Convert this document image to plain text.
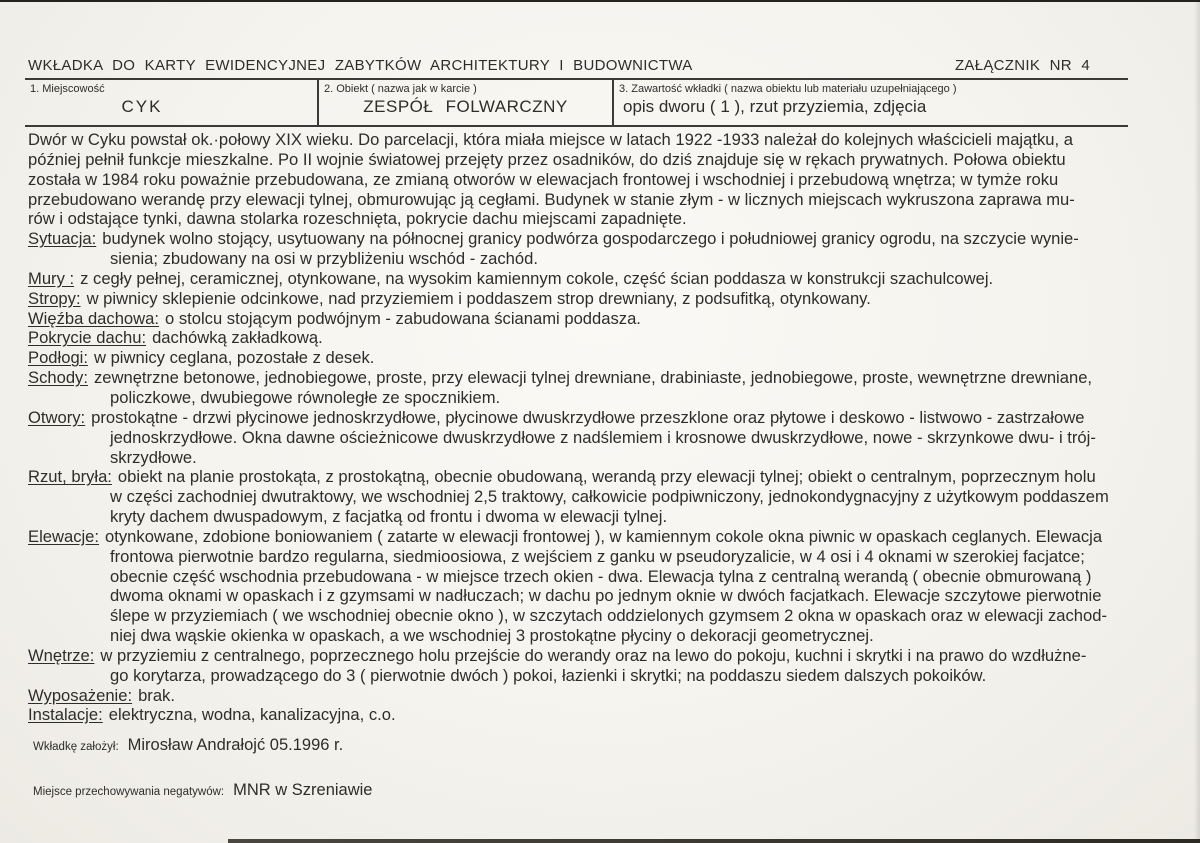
WKŁADKA DO KARTY EWIDENCYJNEJ ZABYTKÓW ARCHITEKTURY I BUDOWNICTWA	ZAŁĄCZNIK NR 4
1. Miejscowość
CYK
2. Obiekt ( nazwa jak w karcie )
ZESPÓŁ FOLWARCZNY
3. Zawartość wkładki ( nazwa obiektu lub materiału uzupełniającego )
opis dworu ( 1 ), rzut przyziemia, zdjęcia
Dwór w Cyku powstał ok.·połowy XIX wieku. Do parcelacji, która miała miejsce w latach 1922 -1933 należał do kolejnych właścicieli majątku, a
później pełnił funkcje mieszkalne. Po II wojnie światowej przejęty przez osadników, do dziś znajduje się w rękach prywatnych. Połowa obiektu
została w 1984 roku poważnie przebudowana, ze zmianą otworów w elewacjach frontowej i wschodniej i przebudową wnętrza; w tymże roku
przebudowano werandę przy elewacji tylnej, obmurowując ją cegłami. Budynek w stanie złym - w licznych miejscach wykruszona zaprawa mu-
rów i odstające tynki, dawna stolarka rozeschnięta, pokrycie dachu miejscami zapadnięte.
Sytuacja: budynek wolno stojący, usytuowany na północnej granicy podwórza gospodarczego i południowej granicy ogrodu, na szczycie wynie-
sienia; zbudowany na osi w przybliżeniu wschód - zachód.
Mury : z cegły pełnej, ceramicznej, otynkowane, na wysokim kamiennym cokole, część ścian poddasza w konstrukcji szachulcowej.
Stropy: w piwnicy sklepienie odcinkowe, nad przyziemiem i poddaszem strop drewniany, z podsufitką, otynkowany.
Więźba dachowa: o stolcu stojącym podwójnym - zabudowana ścianami poddasza.
Pokrycie dachu: dachówką zakładkową.
Podłogi: w piwnicy ceglana, pozostałe z desek.
Schody: zewnętrzne betonowe, jednobiegowe, proste, przy elewacji tylnej drewniane, drabiniaste, jednobiegowe, proste, wewnętrzne drewniane,
policzkowe, dwubiegowe równoległe ze spocznikiem.
Otwory: prostokątne - drzwi płycinowe jednoskrzydłowe, płycinowe dwuskrzydłowe przeszklone oraz płytowe i deskowo - listwowo - zastrzałowe
jednoskrzydłowe. Okna dawne ościeżnicowe dwuskrzydłowe z nadślemiem i krosnowe dwuskrzydłowe, nowe - skrzynkowe dwu- i trój-
skrzydłowe.
Rzut, bryła: obiekt na planie prostokąta, z prostokątną, obecnie obudowaną, werandą przy elewacji tylnej; obiekt o centralnym, poprzecznym holu
w części zachodniej dwutraktowy, we wschodniej 2,5 traktowy, całkowicie podpiwniczony, jednokondygnacyjny z użytkowym poddaszem
kryty dachem dwuspadowym, z facjatką od frontu i dwoma w elewacji tylnej.
Elewacje: otynkowane, zdobione boniowaniem ( zatarte w elewacji frontowej ), w kamiennym cokole okna piwnic w opaskach ceglanych. Elewacja
frontowa pierwotnie bardzo regularna, siedmioosiowa, z wejściem z ganku w pseudoryzalicie, w 4 osi i 4 oknami w szerokiej facjatce;
obecnie część wschodnia przebudowana - w miejsce trzech okien - dwa. Elewacja tylna z centralną werandą ( obecnie obmurowaną )
dwoma oknami w opaskach i z gzymsami w nadłuczach; w dachu po jednym oknie w dwóch facjatkach. Elewacje szczytowe pierwotnie
ślepe w przyziemiach ( we wschodniej obecnie okno ), w szczytach oddzielonych gzymsem 2 okna w opaskach oraz w elewacji zachod-
niej dwa wąskie okienka w opaskach, a we wschodniej 3 prostokątne płyciny o dekoracji geometrycznej.
Wnętrze: w przyziemiu z centralnego, poprzecznego holu przejście do werandy oraz na lewo do pokoju, kuchni i skrytki i na prawo do wzdłużne-
go korytarza, prowadzącego do 3 ( pierwotnie dwóch ) pokoi, łazienki i skrytki; na poddaszu siedem dalszych pokoików.
Wyposażenie: brak.
Instalacje: elektryczna, wodna, kanalizacyjna, c.o.
Wkładkę założył: Mirosław Andrałojć 05.1996 r.
Miejsce przechowywania negatywów: MNR w Szreniawie
